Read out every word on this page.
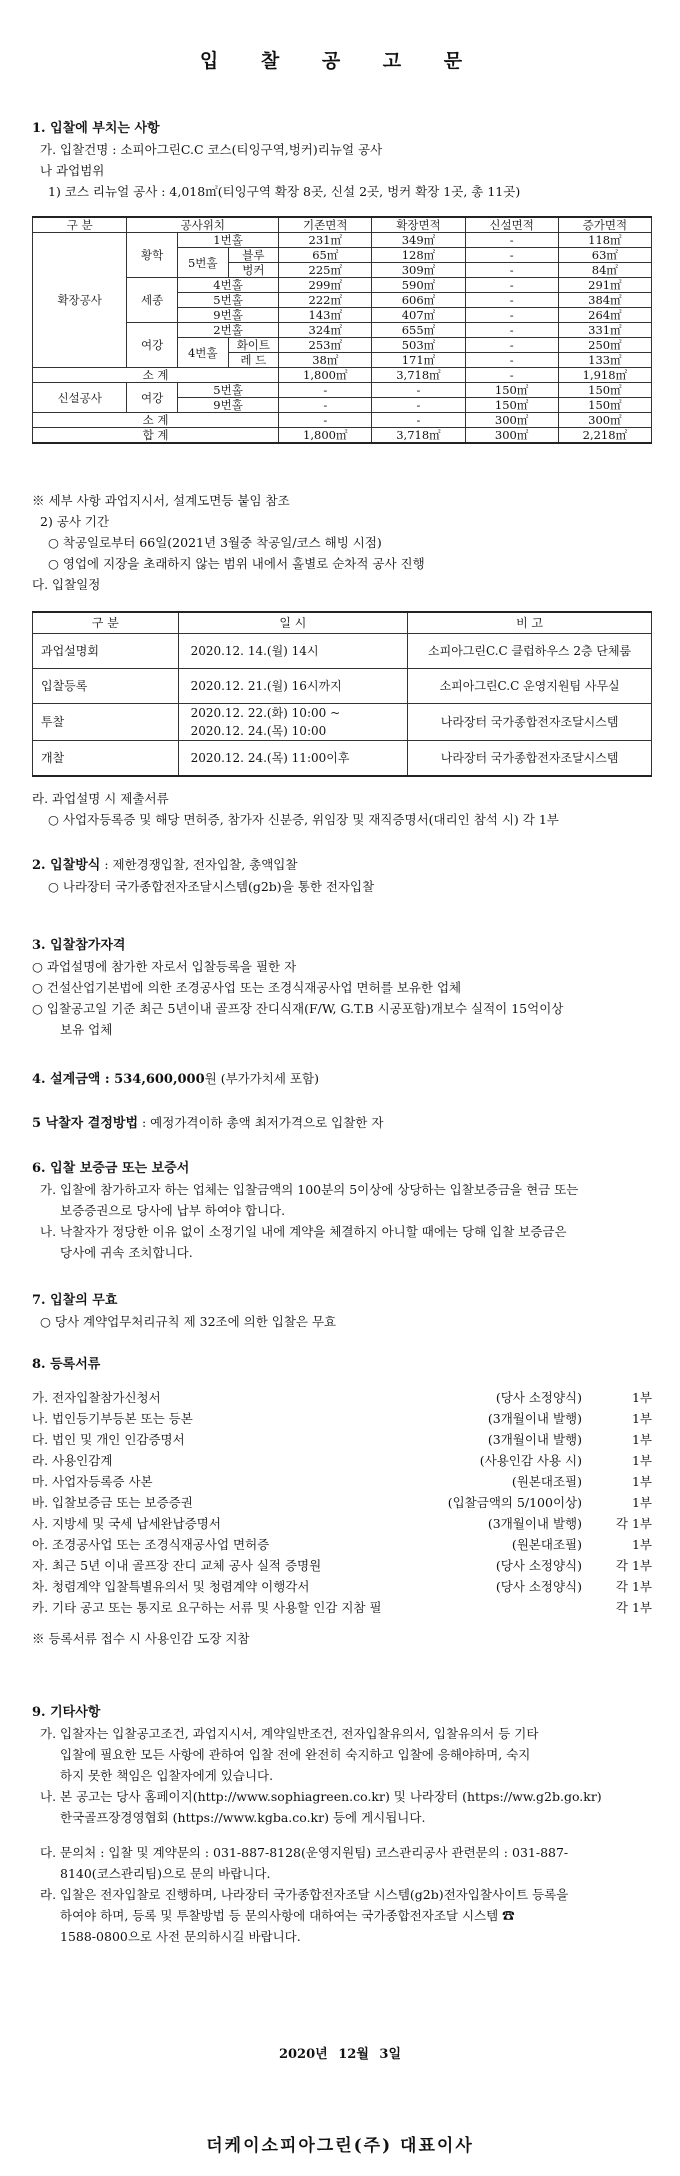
입 찰 공 고 문
1. 입찰에 부치는 사항
가. 입찰건명 : 소피아그린C.C 코스(티잉구역,벙커)리뉴얼 공사
나 과업범위
1) 코스 리뉴얼 공사 : 4,018㎡(티잉구역 확장 8곳, 신설 2곳, 벙커 확장 1곳, 총 11곳)
구 분	공사위치			기존면적	확장면적	신설면적	증가면적
확장공사	황학	1번홀		231㎡	349㎡	-	118㎡
		5번홀	블루	65㎡	128㎡	-	63㎡
			벙커	225㎡	309㎡	-	84㎡
	세종	4번홀		299㎡	590㎡	-	291㎡
		5번홀		222㎡	606㎡	-	384㎡
		9번홀		143㎡	407㎡	-	264㎡
	여강	2번홀		324㎡	655㎡	-	331㎡
		4번홀	화이트	253㎡	503㎡	-	250㎡
			레 드	38㎡	171㎡	-	133㎡
소 계				1,800㎡	3,718㎡	-	1,918㎡
신설공사	여강	5번홀		-	-	150㎡	150㎡
		9번홀		-	-	150㎡	150㎡
소 계				-	-	300㎡	300㎡
합 계				1,800㎡	3,718㎡	300㎡	2,218㎡
※ 세부 사항 과업지시서, 설계도면등 붙임 참조
2) 공사 기간
○ 착공일로부터 66일(2021년 3월중 착공일/코스 해빙 시점)
○ 영업에 지장을 초래하지 않는 범위 내에서 홀별로 순차적 공사 진행
다. 입찰일정
구 분	일 시	비 고
과업설명회	2020.12. 14.(월) 14시	소피아그린C.C 클럽하우스 2층 단체룸
입찰등록	2020.12. 21.(월) 16시까지	소피아그린C.C 운영지원팀 사무실
투찰	2020.12. 22.(화) 10:00 ~
2020.12. 24.(목) 10:00	나라장터 국가종합전자조달시스템
개찰	2020.12. 24.(목) 11:00이후	나라장터 국가종합전자조달시스템
라. 과업설명 시 제출서류
○ 사업자등록증 및 해당 면허증, 참가자 신분증, 위임장 및 재직증명서(대리인 참석 시) 각 1부
2. 입찰방식 : 제한경쟁입찰, 전자입찰, 총액입찰
○ 나라장터 국가종합전자조달시스템(g2b)을 통한 전자입찰
3. 입찰참가자격
○ 과업설명에 참가한 자로서 입찰등록을 필한 자
○ 건설산업기본법에 의한 조경공사업 또는 조경식재공사업 면허를 보유한 업체
○ 입찰공고일 기준 최근 5년이내 골프장 잔디식재(F/W, G.T.B 시공포함)개보수 실적이 15억이상
보유 업체
4. 설계금액 : 534,600,000원 (부가가치세 포함)
5 낙찰자 결정방법 : 예정가격이하 총액 최저가격으로 입찰한 자
6. 입찰 보증금 또는 보증서
가. 입찰에 참가하고자 하는 업체는 입찰금액의 100분의 5이상에 상당하는 입찰보증금을 현금 또는
보증증권으로 당사에 납부 하여야 합니다.
나. 낙찰자가 정당한 이유 없이 소정기일 내에 계약을 체결하지 아니할 때에는 당해 입찰 보증금은
당사에 귀속 조치합니다.
7. 입찰의 무효
○ 당사 계약업무처리규칙 제 32조에 의한 입찰은 무효
8. 등록서류
가. 전자입찰참가신청서	(당사 소정양식)	1부
나. 법인등기부등본 또는 등본	(3개월이내 발행)	1부
다. 법인 및 개인 인감증명서	(3개월이내 발행)	1부
라. 사용인감계	(사용인감 사용 시)	1부
마. 사업자등록증 사본	(원본대조필)	1부
바. 입찰보증금 또는 보증증권	(입찰금액의 5/100이상)	1부
사. 지방세 및 국세 납세완납증명서	(3개월이내 발행)	각 1부
아. 조경공사업 또는 조경식재공사업 면허증	(원본대조필)	1부
자. 최근 5년 이내 골프장 잔디 교체 공사 실적 증명원	(당사 소정양식)	각 1부
차. 청렴계약 입찰특별유의서 및 청렴계약 이행각서	(당사 소정양식)	각 1부
카. 기타 공고 또는 통지로 요구하는 서류 및 사용할 인감 지참 필	각 1부
※ 등록서류 접수 시 사용인감 도장 지참
9. 기타사항
가. 입찰자는 입찰공고조건, 과업지시서, 계약일반조건, 전자입찰유의서, 입찰유의서 등 기타
입찰에 필요한 모든 사항에 관하여 입찰 전에 완전히 숙지하고 입찰에 응해야하며, 숙지
하지 못한 책임은 입찰자에게 있습니다.
나. 본 공고는 당사 홈페이지(http://www.sophiagreen.co.kr) 및 나라장터 (https://ww.g2b.go.kr)
한국골프장경영협회 (https://www.kgba.co.kr) 등에 게시됩니다.
다. 문의처 : 입찰 및 계약문의 : 031-887-8128(운영지원팀) 코스관리공사 관련문의 : 031-887-
8140(코스관리팀)으로 문의 바랍니다.
라. 입찰은 전자입찰로 진행하며, 나라장터 국가종합전자조달 시스템(g2b)전자입찰사이트 등록을
하여야 하며, 등록 및 투찰방법 등 문의사항에 대하여는 국가종합전자조달 시스템 ☎
1588-0800으로 사전 문의하시길 바랍니다.
2020년 12월 3일
더케이소피아그린(주) 대표이사
